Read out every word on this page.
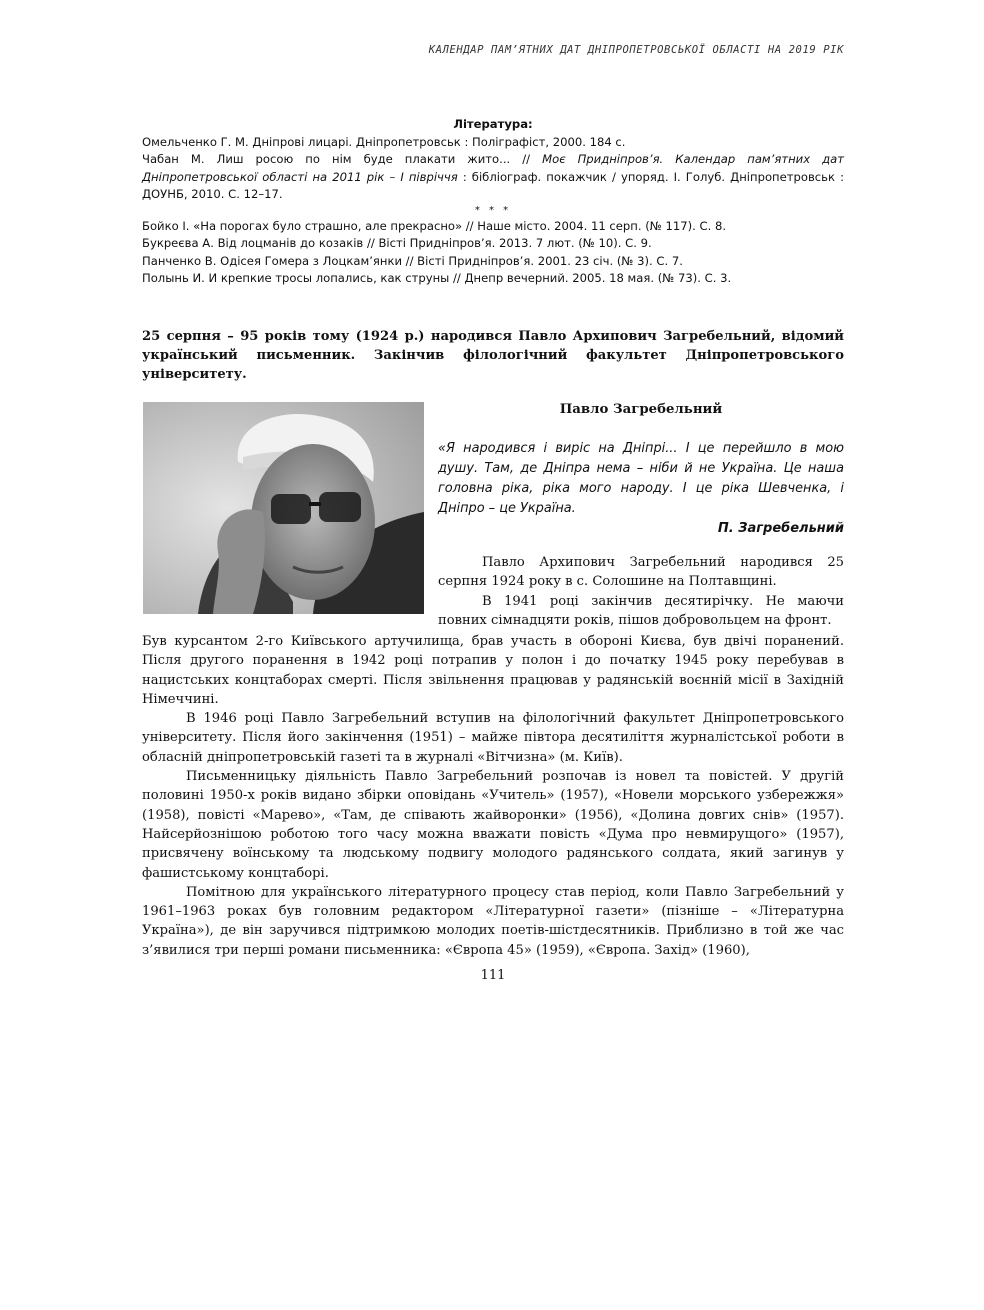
КАЛЕНДАР ПАМ’ЯТНИХ ДАТ ДНІПРОПЕТРОВСЬКОЇ ОБЛАСТІ НА 2019 РІК
Література:

Омельченко Г. М. Дніпрові лицарі. Дніпропетровськ : Поліграфіст, 2000. 184 с.

Чабан М. Лиш росою по нім буде плакати жито... // Моє Придніпров’я. Календар пам’ятних дат Дніпропетровської області на 2011 рік – I півріччя : бібліограф. покажчик / упоряд. І. Голуб. Дніпропетровськ : ДОУНБ, 2010. С. 12–17.

* * *

Бойко І. «На порогах було страшно, але прекрасно» // Наше місто. 2004. 11 серп. (№ 117). С. 8.

Букреєва А. Від лоцманів до козаків // Вісті Придніпров’я. 2013. 7 лют. (№ 10). С. 9.

Панченко В. Одісея Гомера з Лоцкам’янки // Вісті Придніпров’я. 2001. 23 січ. (№ 3). С. 7.

Полынь И. И крепкие тросы лопались, как струны // Днепр вечерний. 2005. 18 мая. (№ 73). С. 3.

25 серпня – 95 років тому (1924 р.) народився Павло Архипович Загребельний, відомий український письменник. Закінчив філологічний факультет Дніпропетровського університету.

Павло Загребельний

«Я народився і виріс на Дніпрі... І це перейшло в мою душу. Там, де Дніпра нема – ніби й не Україна. Це наша головна ріка, ріка мого народу. І це ріка Шевченка, і Дніпро – це Україна.

П. Загребельний

Павло Архипович Загребельний народився 25 серпня 1924 року в с. Солошине на Полтавщині.

В 1941 році закінчив десятирічку. Не маючи повних сімнадцяти років, пішов добровольцем на фронт.

Був курсантом 2-го Київського артучилища, брав участь в обороні Києва, був двічі поранений. Після другого поранення в 1942 році потрапив у полон і до початку 1945 року перебував в нацистських концтаборах смерті. Після звільнення працював у радянській воєнній місії в Західній Німеччині.

В 1946 році Павло Загребельний вступив на філологічний факультет Дніпропетровського університету. Після його закінчення (1951) – майже півтора десятиліття журналістської роботи в обласній дніпропетровській газеті та в журналі «Вітчизна» (м. Київ).

Письменницьку діяльність Павло Загребельний розпочав із новел та повістей. У другій половині 1950-х років видано збірки оповідань «Учитель» (1957), «Новели морського узбережжя» (1958), повісті «Марево», «Там, де співають жайворонки» (1956), «Долина довгих снів» (1957). Найсерйознішою роботою того часу можна вважати повість «Дума про невмирущого» (1957), присвячену воїнському та людському подвигу молодого радянського солдата, який загинув у фашистському концтаборі.

Помітною для українського літературного процесу став період, коли Павло Загребельний у 1961–1963 роках був головним редактором «Літературної газети» (пізніше – «Літературна Україна»), де він заручився підтримкою молодих поетів-шістдесятників. Приблизно в той же час з’явилися три перші романи письменника: «Європа 45» (1959), «Європа. Захід» (1960),

111
